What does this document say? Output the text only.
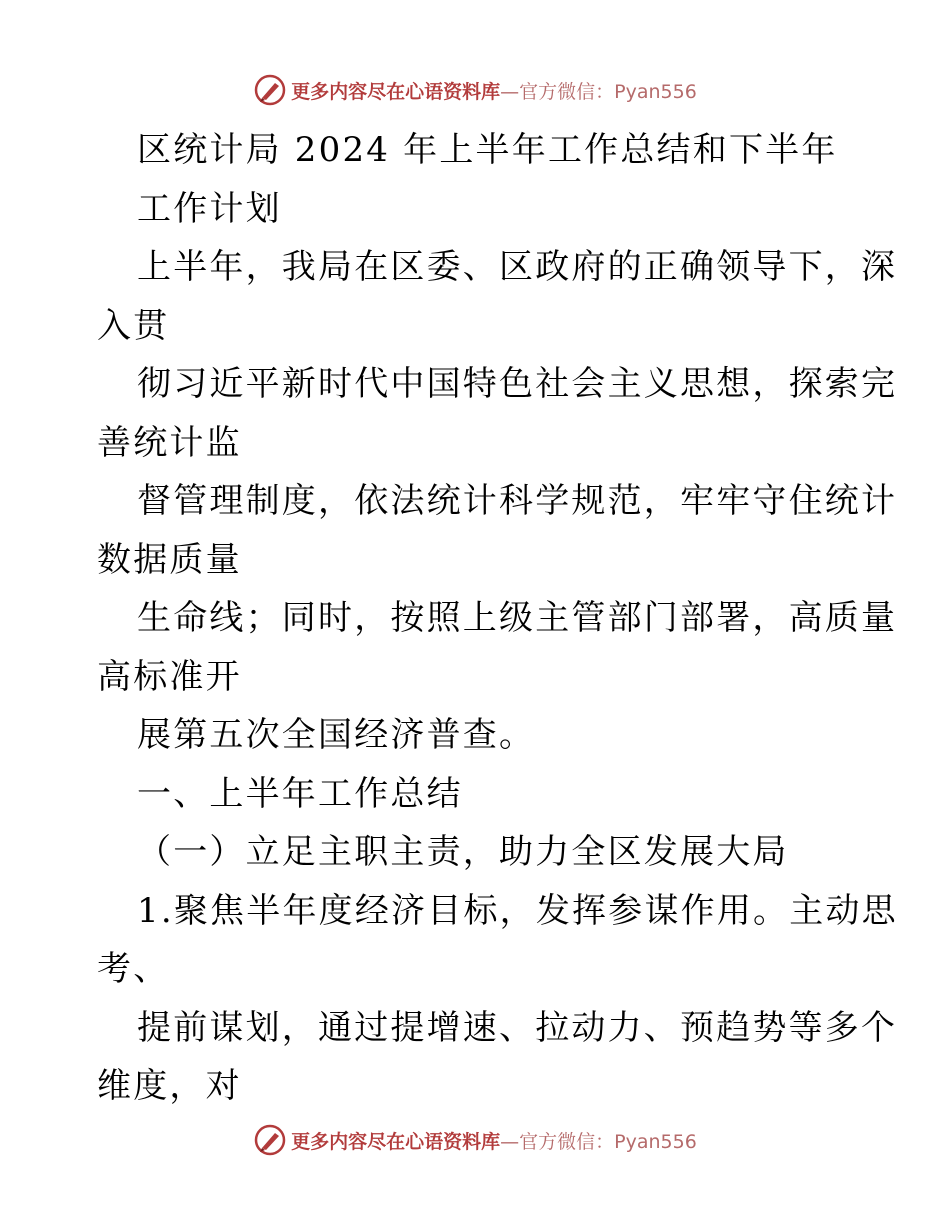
更多内容尽在心语资料库 —官方微信：Pyan556
区统计局 2024 年上半年工作总结和下半年
工作计划
上半年，我局在区委、区政府的正确领导下，深
入贯
彻习近平新时代中国特色社会主义思想，探索完
善统计监
督管理制度，依法统计科学规范，牢牢守住统计
数据质量
生命线；同时，按照上级主管部门部署，高质量
高标准开
展第五次全国经济普查。
一、上半年工作总结
（一）立足主职主责，助力全区发展大局
1.聚焦半年度经济目标，发挥参谋作用。主动思
考、
提前谋划，通过提增速、拉动力、预趋势等多个
维度，对
更多内容尽在心语资料库 —官方微信：Pyan556
